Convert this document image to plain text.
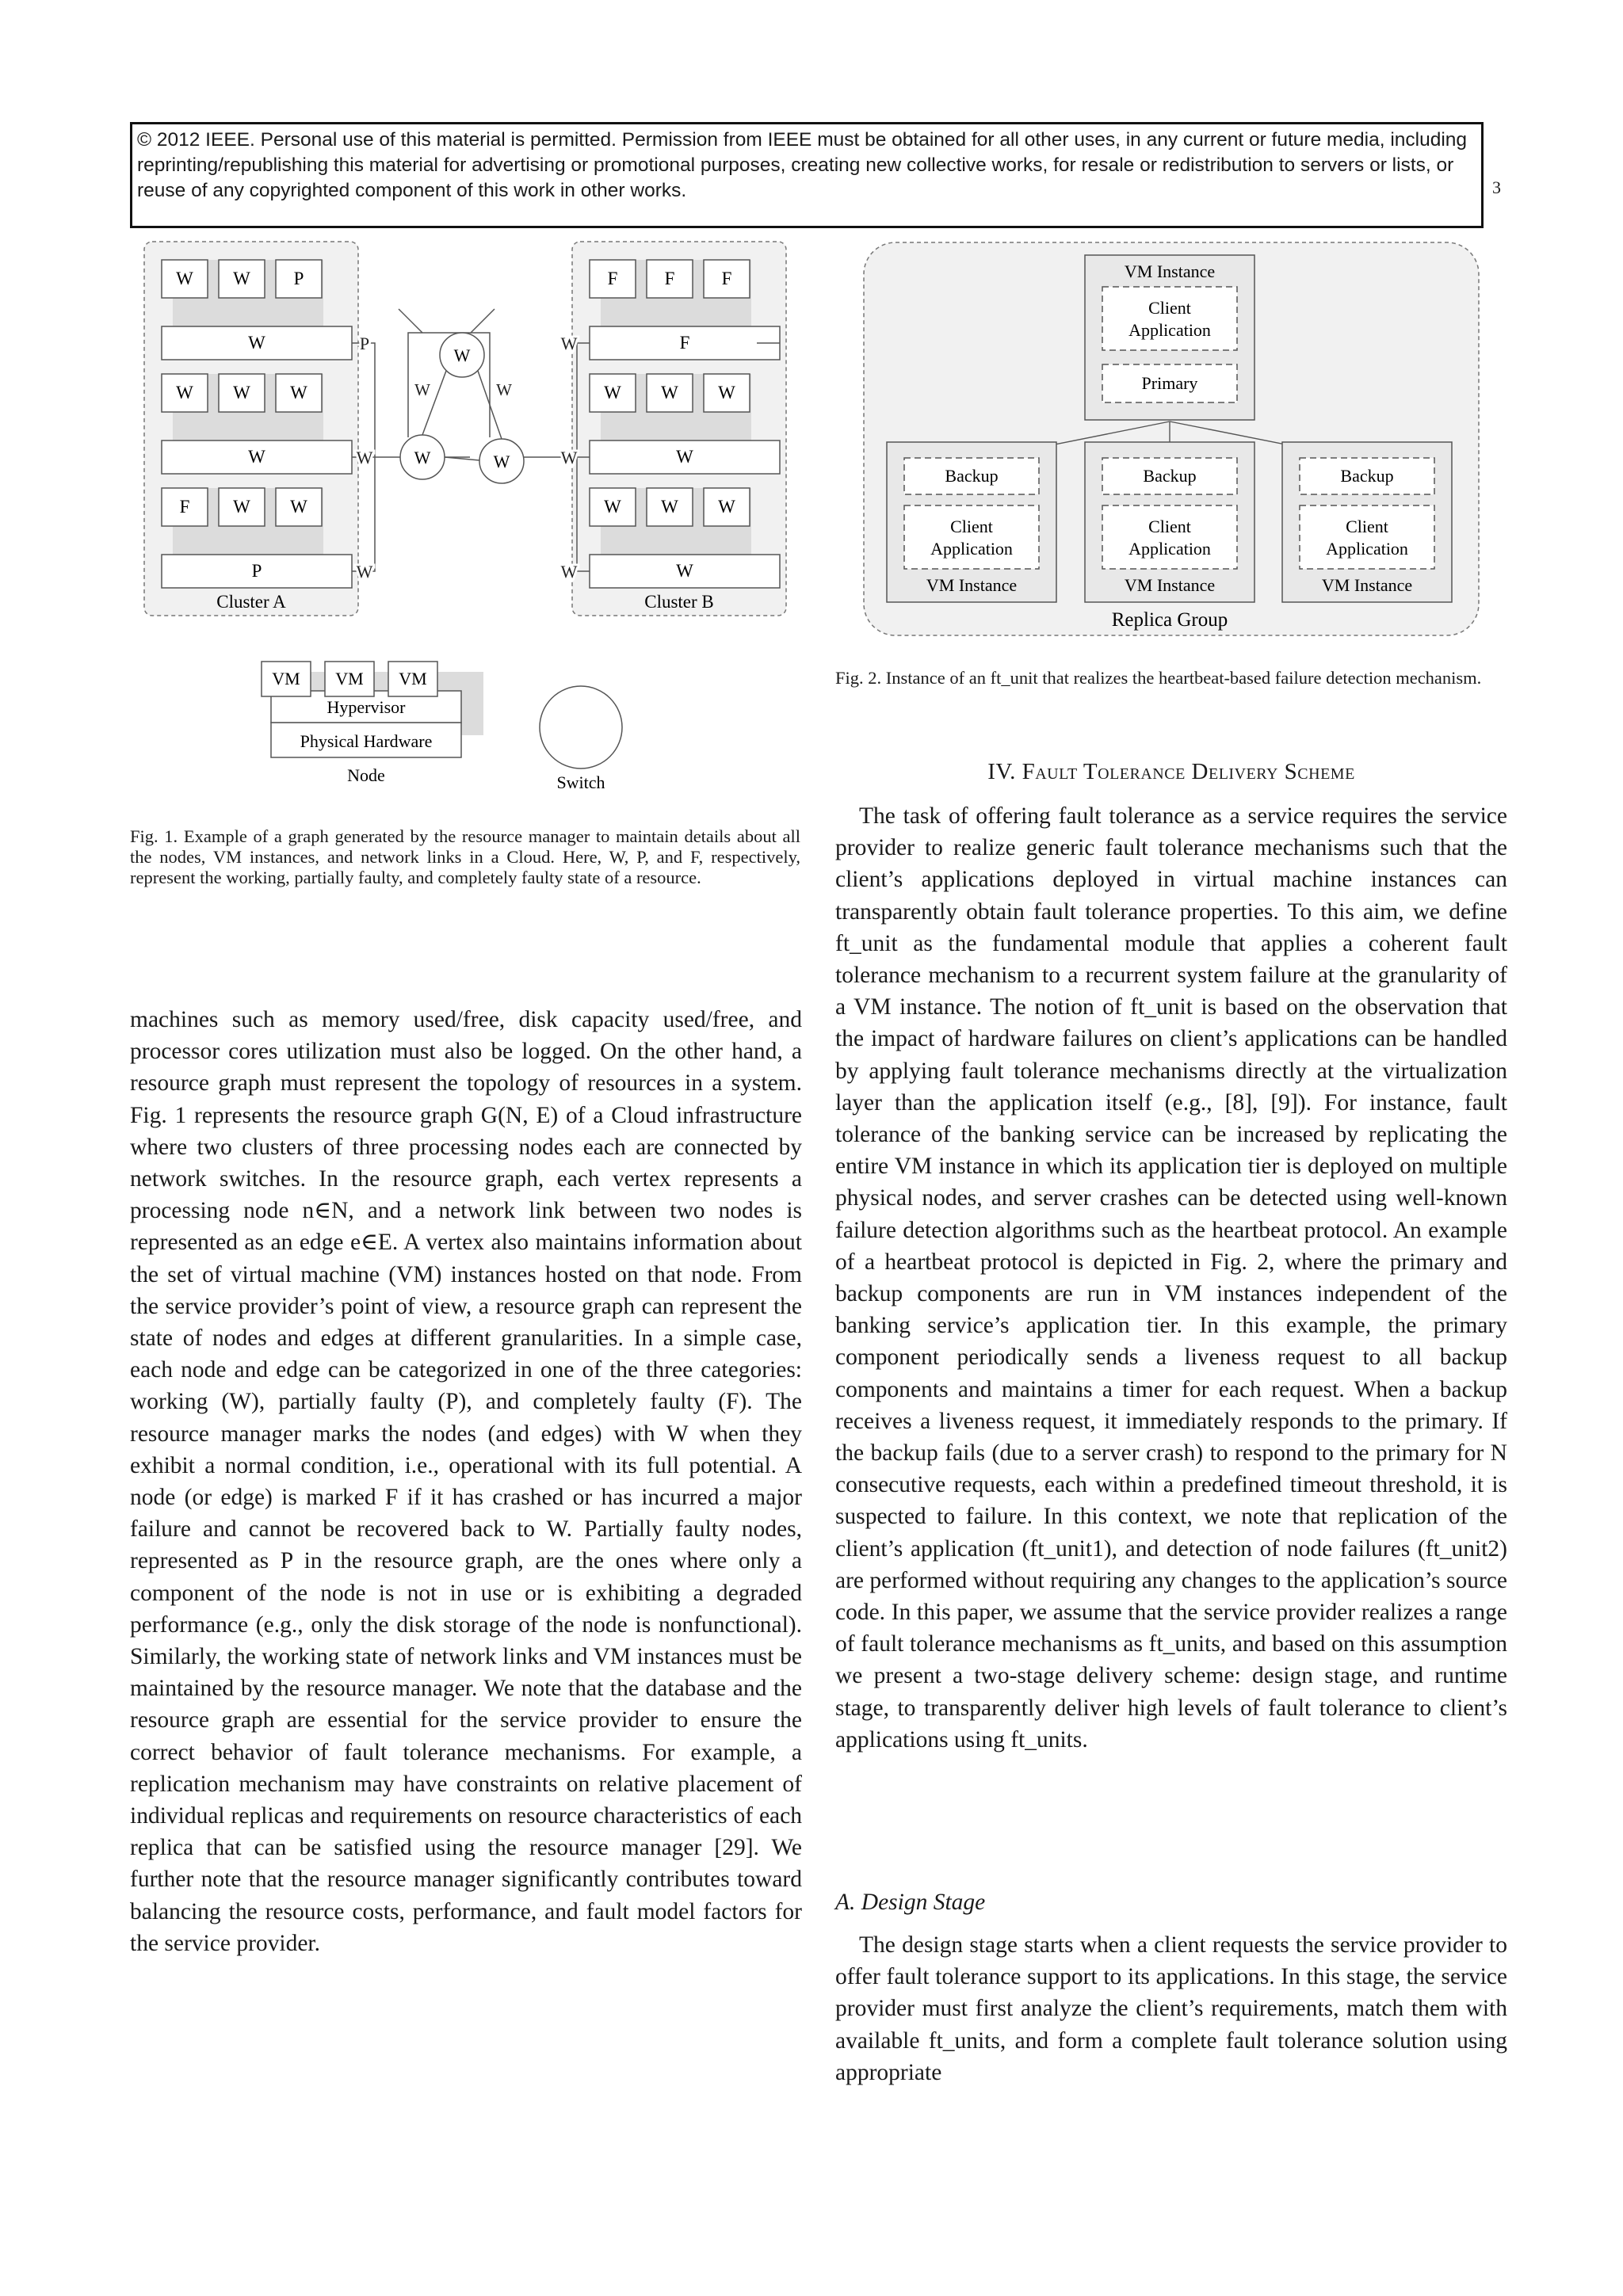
© 2012 IEEE. Personal use of this material is permitted. Permission from IEEE must be obtained for all other uses, in any current or future media, including reprinting/republishing this material for advertising or promotional purposes, creating new collective works, for resale or redistribution to servers or lists, or reuse of any copyrighted component of this work in other works.	3
W W P
W
W W W
W
F W W
P
Cluster A
F	F	F
F
W W W
W
W W W
W
Cluster B
P
W
W
W
W
W
W
W	W
W	W
VM VM VM
Hypervisor
Physical Hardware
Node	Switch
Fig. 1. Example of a graph generated by the resource manager to maintain details about all the nodes, VM instances, and network links in a Cloud. Here, W, P, and F, respectively, represent the working, partially faulty, and completely faulty state of a resource.
VM Instance
Client
Application
Primary
Backup
Client
Application
VM Instance
Backup
Client
Application
VM Instance
Backup
Client
Application
VM Instance
Replica Group
Fig. 2. Instance of an ft_unit that realizes the heartbeat-based failure detection mechanism.

machines such as memory used/free, disk capacity used/free, and processor cores utilization must also be logged. On the other hand, a resource graph must represent the topology of resources in a system. Fig. 1 represents the resource graph G(N, E) of a Cloud infrastructure where two clusters of three processing nodes each are connected by network switches. In the resource graph, each vertex represents a processing node n∈N, and a network link between two nodes is represented as an edge e∈E. A vertex also maintains information about the set of virtual machine (VM) instances hosted on that node. From the service provider’s point of view, a resource graph can represent the state of nodes and edges at different granularities. In a simple case, each node and edge can be categorized in one of the three categories: working (W), partially faulty (P), and completely faulty (F). The resource manager marks the nodes (and edges) with W when they exhibit a normal condition, i.e., operational with its full potential. A node (or edge) is marked F if it has crashed or has incurred a major failure and cannot be recovered back to W. Partially faulty nodes, represented as P in the resource graph, are the ones where only a component of the node is not in use or is exhibiting a degraded performance (e.g., only the disk storage of the node is nonfunctional). Similarly, the working state of network links and VM instances must be maintained by the resource manager. We note that the database and the resource graph are essential for the service provider to ensure the correct behavior of fault tolerance mechanisms. For example, a replication mechanism may have constraints on relative placement of individual replicas and requirements on resource characteristics of each replica that can be satisfied using the resource manager [29]. We further note that the resource manager significantly contributes toward balancing the resource costs, performance, and fault model factors for the service provider.

IV. Fault Tolerance Delivery Scheme

The task of offering fault tolerance as a service requires the service provider to realize generic fault tolerance mechanisms such that the client’s applications deployed in virtual machine instances can transparently obtain fault tolerance properties. To this aim, we define ft_unit as the fundamental module that applies a coherent fault tolerance mechanism to a recurrent system failure at the granularity of a VM instance. The notion of ft_unit is based on the observation that the impact of hardware failures on client’s applications can be handled by applying fault tolerance mechanisms directly at the virtualization layer than the application itself (e.g., [8], [9]). For instance, fault tolerance of the banking service can be increased by replicating the entire VM instance in which its application tier is deployed on multiple physical nodes, and server crashes can be detected using well-known failure detection algorithms such as the heartbeat protocol. An example of a heartbeat protocol is depicted in Fig. 2, where the primary and backup components are run in VM instances independent of the banking service’s application tier. In this example, the primary component periodically sends a liveness request to all backup components and maintains a timer for each request. When a backup receives a liveness request, it immediately responds to the primary. If the backup fails (due to a server crash) to respond to the primary for N consecutive requests, each within a predefined timeout threshold, it is suspected to failure. In this context, we note that replication of the client’s application (ft_unit1), and detection of node failures (ft_unit2) are performed without requiring any changes to the application’s source code. In this paper, we assume that the service provider realizes a range of fault tolerance mechanisms as ft_units, and based on this assumption we present a two-stage delivery scheme: design stage, and runtime stage, to transparently deliver high levels of fault tolerance to client’s applications using ft_units.

A. Design Stage

The design stage starts when a client requests the service provider to offer fault tolerance support to its applications. In this stage, the service provider must first analyze the client’s requirements, match them with available ft_units, and form a complete fault tolerance solution using appropriate
